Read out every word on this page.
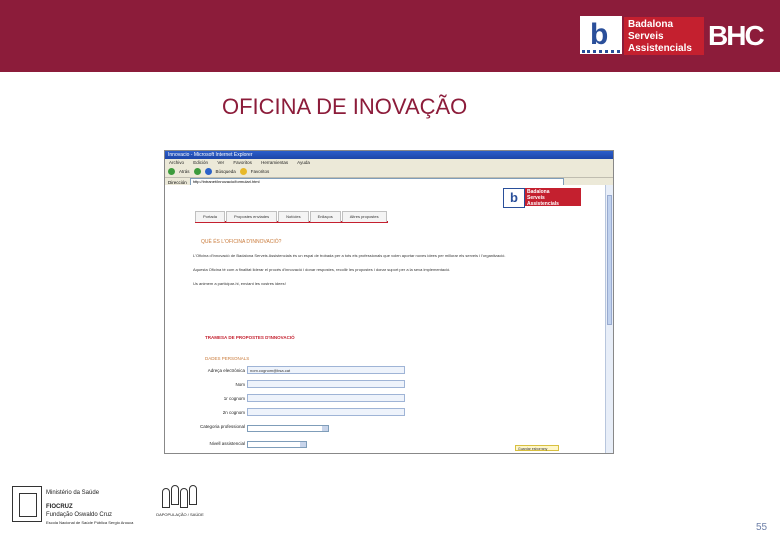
b Badalona
Serveis
Assistencials BHC
OFICINA DE INOVAÇÃO
Innovacio - Microsoft Internet Explorer
Archivo Edición Ver Favoritos Herramientas Ayuda
Atrás	Búsqueda	Favoritos
Dirección	http://intranet/innovacio/formulari.html
b	Badalona
Serveis
Assistencials
Portada	Propostes enviades	Notícies	Enllaços	Altres propostes
QUÈ ÉS L'OFICINA D'INNOVACIÓ?
L'Oficina d'Innovació de Badalona Serveis Assistencials és un espai de trobada per a tots els professionals que volen aportar noves idees per millorar els serveis i l'organització.
Aquesta Oficina té com a finalitat liderar el procés d'innovació i donar respostes, recollir les propostes i donar suport per a la seva implementació.
Us animem a participar-hi, enviant les vostres idees!
TRAMESA DE PROPOSTES D'INNOVACIÓ
DADES PERSONALS
Adreça electrònica	nom.cognom@bsa.cat
Nom
1r cognom
2n cognom
Categoria professional
Nivell assistencial
Guardar esborrany
Ministério da Saúde
FIOCRUZ
Fundação Oswaldo Cruz
Escola Nacional de Saúde Pública Sergio Arouca
DAPOPULAÇÃO / SAÚDE
55
